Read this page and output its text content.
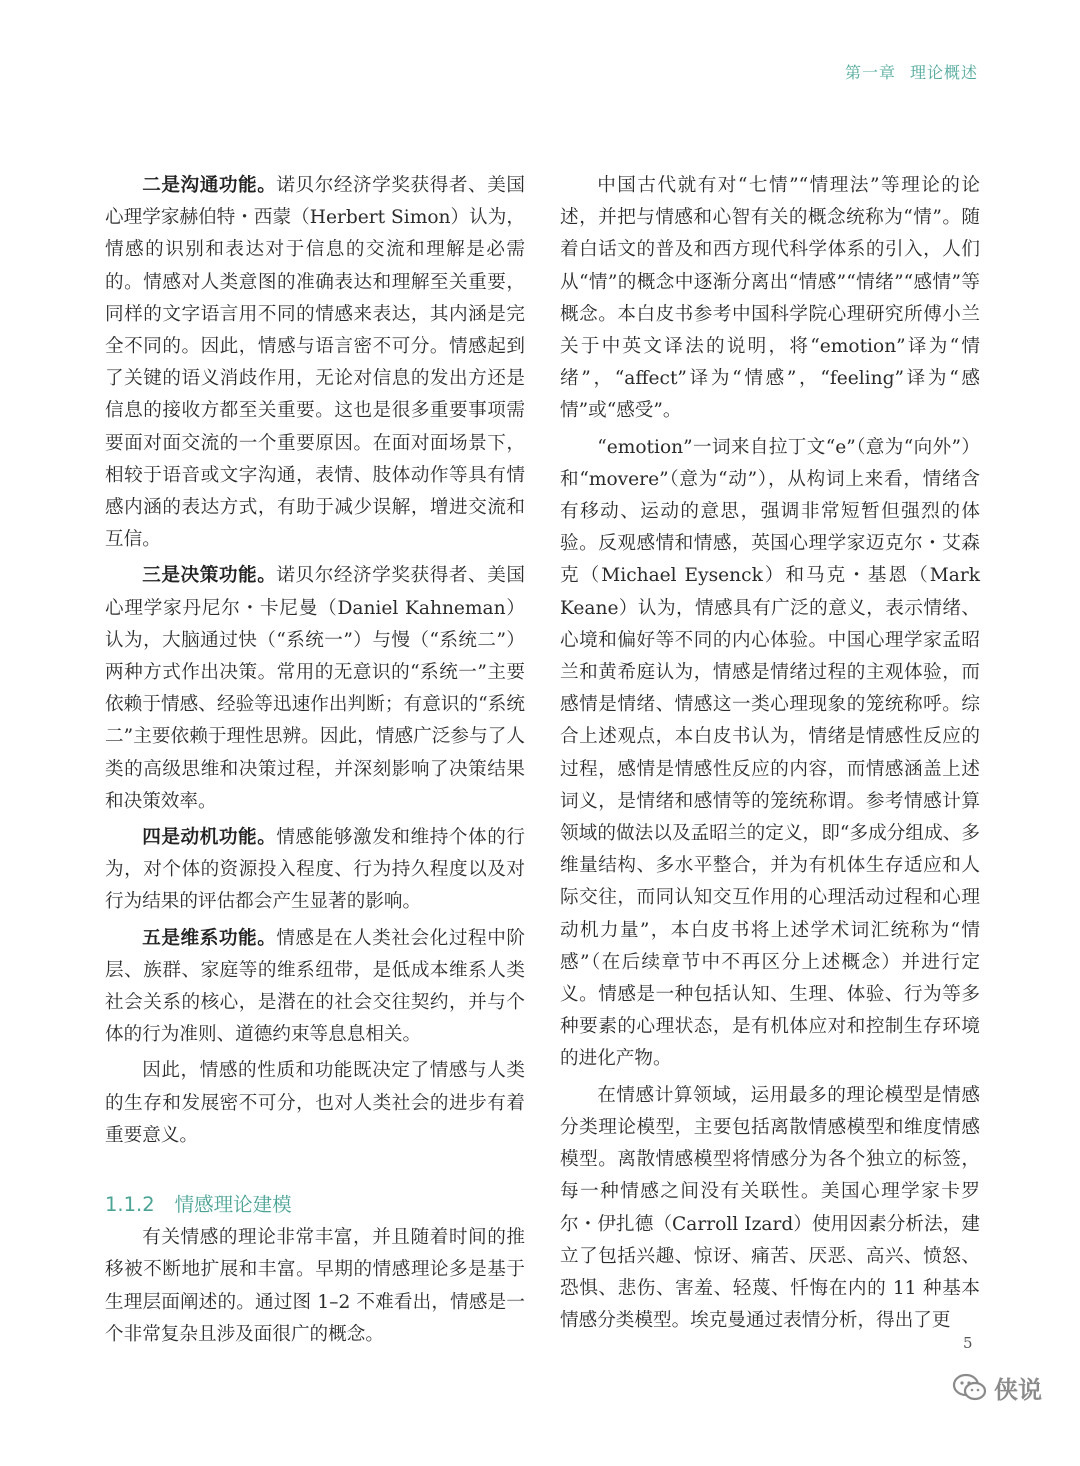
第一章 理论概述

二是沟通功能。诺贝尔经济学奖获得者、美国心理学家赫伯特・西蒙（Herbert Simon）认为，情感的识别和表达对于信息的交流和理解是必需的。情感对人类意图的准确表达和理解至关重要，同样的文字语言用不同的情感来表达，其内涵是完全不同的。因此，情感与语言密不可分。情感起到了关键的语义消歧作用，无论对信息的发出方还是信息的接收方都至关重要。这也是很多重要事项需要面对面交流的一个重要原因。在面对面场景下，相较于语音或文字沟通，表情、肢体动作等具有情感内涵的表达方式，有助于减少误解，增进交流和互信。

三是决策功能。诺贝尔经济学奖获得者、美国心理学家丹尼尔・卡尼曼（Daniel Kahneman）认为，大脑通过快（“系统一”）与慢（“系统二”）两种方式作出决策。常用的无意识的“系统一”主要依赖于情感、经验等迅速作出判断；有意识的“系统二”主要依赖于理性思辨。因此，情感广泛参与了人类的高级思维和决策过程，并深刻影响了决策结果和决策效率。

四是动机功能。情感能够激发和维持个体的行为，对个体的资源投入程度、行为持久程度以及对行为结果的评估都会产生显著的影响。

五是维系功能。情感是在人类社会化过程中阶层、族群、家庭等的维系纽带，是低成本维系人类社会关系的核心，是潜在的社会交往契约，并与个体的行为准则、道德约束等息息相关。

因此，情感的性质和功能既决定了情感与人类的生存和发展密不可分，也对人类社会的进步有着重要意义。

1.1.2 情感理论建模

有关情感的理论非常丰富，并且随着时间的推移被不断地扩展和丰富。早期的情感理论多是基于生理层面阐述的。通过图 1–2 不难看出，情感是一个非常复杂且涉及面很广的概念。

中国古代就有对“七情”“情理法”等理论的论述，并把与情感和心智有关的概念统称为“情”。随着白话文的普及和西方现代科学体系的引入，人们从“情”的概念中逐渐分离出“情感”“情绪”“感情”等概念。本白皮书参考中国科学院心理研究所傅小兰关于中英文译法的说明，将“emotion”译为“情绪”，“affect”译为“情感”，“feeling”译为“感情”或“感受”。

“emotion”一词来自拉丁文“e”（意为“向外”）和“movere”（意为“动”），从构词上来看，情绪含有移动、运动的意思，强调非常短暂但强烈的体验。反观感情和情感，英国心理学家迈克尔・艾森克（Michael Eysenck）和马克・基恩（Mark Keane）认为，情感具有广泛的意义，表示情绪、心境和偏好等不同的内心体验。中国心理学家孟昭兰和黄希庭认为，情感是情绪过程的主观体验，而感情是情绪、情感这一类心理现象的笼统称呼。综合上述观点，本白皮书认为，情绪是情感性反应的过程，感情是情感性反应的内容，而情感涵盖上述词义，是情绪和感情等的笼统称谓。参考情感计算领域的做法以及孟昭兰的定义，即“多成分组成、多维量结构、多水平整合，并为有机体生存适应和人际交往，而同认知交互作用的心理活动过程和心理动机力量”，本白皮书将上述学术词汇统称为“情感”（在后续章节中不再区分上述概念）并进行定义。情感是一种包括认知、生理、体验、行为等多种要素的心理状态，是有机体应对和控制生存环境的进化产物。

在情感计算领域，运用最多的理论模型是情感分类理论模型，主要包括离散情感模型和维度情感模型。离散情感模型将情感分为各个独立的标签，每一种情感之间没有关联性。美国心理学家卡罗尔・伊扎德（Carroll Izard）使用因素分析法，建立了包括兴趣、惊讶、痛苦、厌恶、高兴、愤怒、恐惧、悲伤、害羞、轻蔑、忏悔在内的 11 种基本情感分类模型。埃克曼通过表情分析，得出了更

5
侠说
